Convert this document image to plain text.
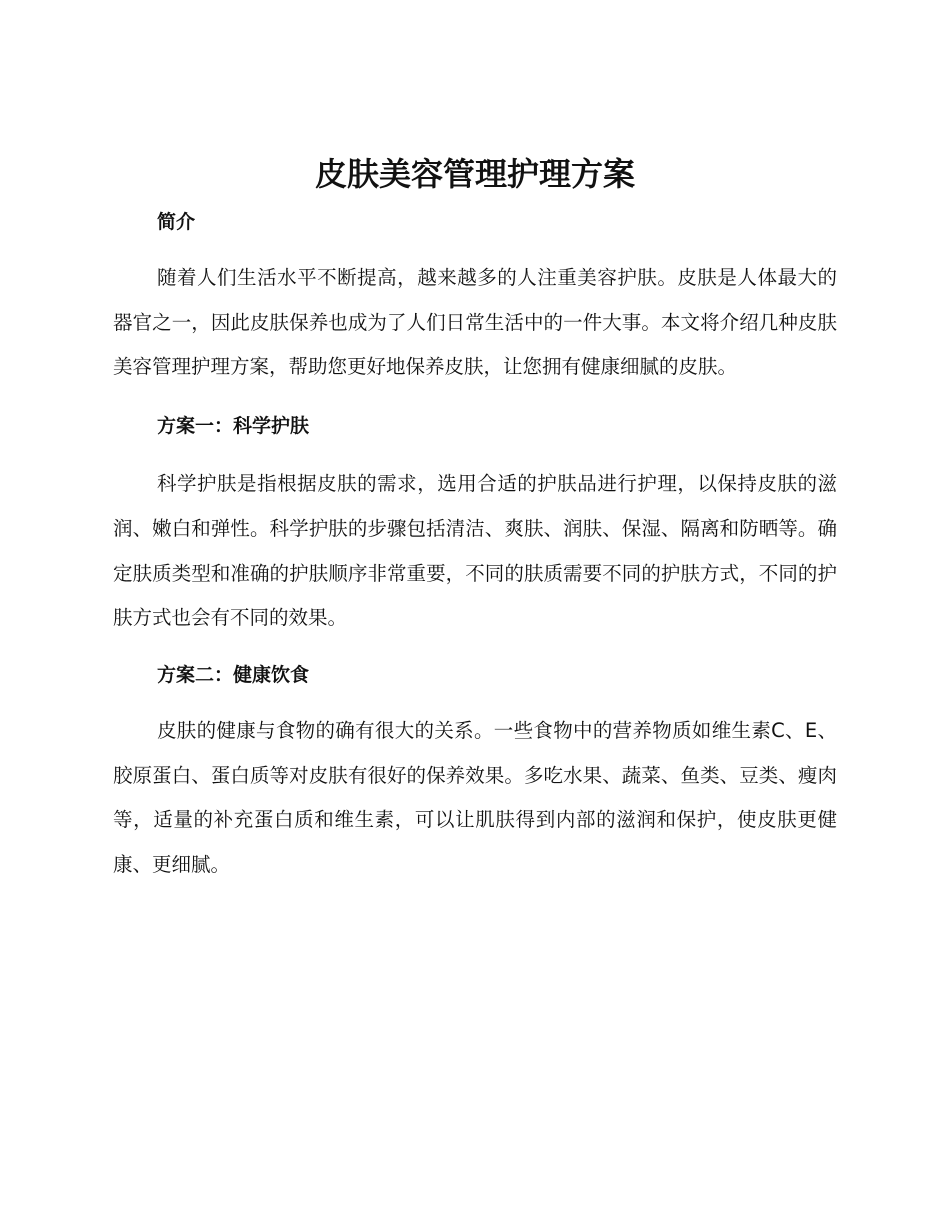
皮肤美容管理护理方案
简介

随着人们生活水平不断提高，越来越多的人注重美容护肤。皮肤是人体最大的器官之一，因此皮肤保养也成为了人们日常生活中的一件大事。本文将介绍几种皮肤美容管理护理方案，帮助您更好地保养皮肤，让您拥有健康细腻的皮肤。

方案一：科学护肤

科学护肤是指根据皮肤的需求，选用合适的护肤品进行护理，以保持皮肤的滋润、嫩白和弹性。科学护肤的步骤包括清洁、爽肤、润肤、保湿、隔离和防晒等。确定肤质类型和准确的护肤顺序非常重要，不同的肤质需要不同的护肤方式，不同的护肤方式也会有不同的效果。

方案二：健康饮食

皮肤的健康与食物的确有很大的关系。一些食物中的营养物质如维生素C、E、胶原蛋白、蛋白质等对皮肤有很好的保养效果。多吃水果、蔬菜、鱼类、豆类、瘦肉等，适量的补充蛋白质和维生素，可以让肌肤得到内部的滋润和保护，使皮肤更健康、更细腻。
